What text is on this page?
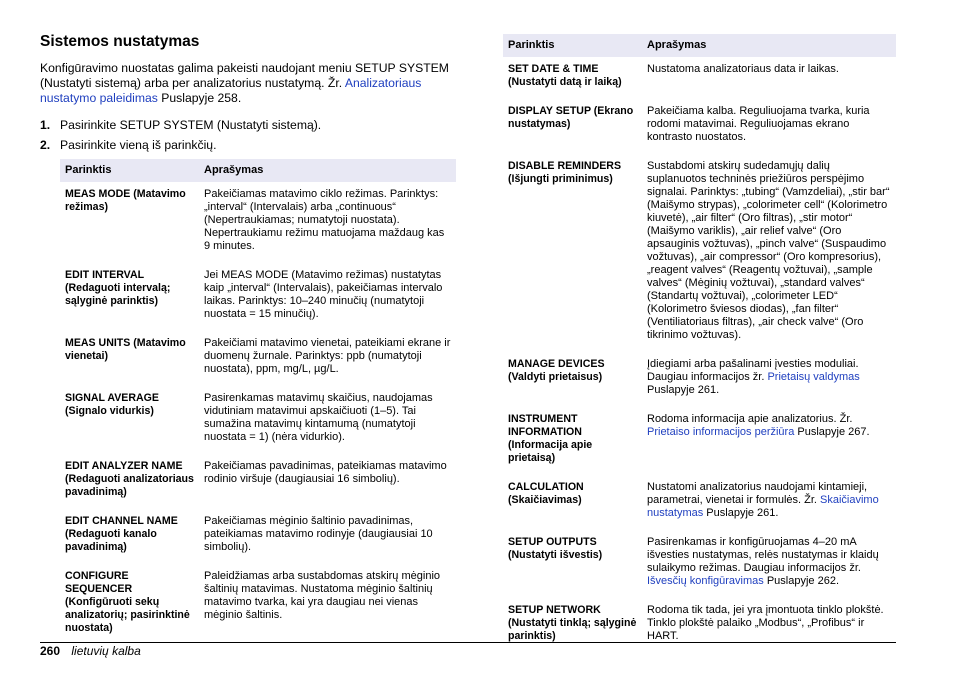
Sistemos nustatymas

Konfigūravimo nuostatas galima pakeisti naudojant meniu SETUP SYSTEM (Nustatyti sistemą) arba per analizatorius nustatymą. Žr. Analizatoriaus nustatymo paleidimas Puslapyje 258.

1. Pasirinkite SETUP SYSTEM (Nustatyti sistemą).
2. Pasirinkite vieną iš parinkčių.
Parinktis	Aprašymas
MEAS MODE (Matavimo režimas)	Pakeičiamas matavimo ciklo režimas. Parinktys: „interval“ (Intervalais) arba „continuous“ (Nepertraukiamas; numatytoji nuostata). Nepertraukiamu režimu matuojama maždaug kas 9 minutes.
EDIT INTERVAL (Redaguoti intervalą; sąlyginė parinktis)	Jei MEAS MODE (Matavimo režimas) nustatytas kaip „interval“ (Intervalais), pakeičiamas intervalo laikas. Parinktys: 10–240 minučių (numatytoji nuostata = 15 minučių).
MEAS UNITS (Matavimo vienetai)	Pakeičiami matavimo vienetai, pateikiami ekrane ir duomenų žurnale. Parinktys: ppb (numatytoji nuostata), ppm, mg/L, µg/L.
SIGNAL AVERAGE (Signalo vidurkis)	Pasirenkamas matavimų skaičius, naudojamas vidutiniam matavimui apskaičiuoti (1–5). Tai sumažina matavimų kintamumą (numatytoji nuostata = 1) (nėra vidurkio).
EDIT ANALYZER NAME (Redaguoti analizatoriaus pavadinimą)	Pakeičiamas pavadinimas, pateikiamas matavimo rodinio viršuje (daugiausiai 16 simbolių).
EDIT CHANNEL NAME (Redaguoti kanalo pavadinimą)	Pakeičiamas mėginio šaltinio pavadinimas, pateikiamas matavimo rodinyje (daugiausiai 10 simbolių).
CONFIGURE SEQUENCER (Konfigūruoti sekų analizatorių; pasirinktinė nuostata)	Paleidžiamas arba sustabdomas atskirų mėginio šaltinių matavimas. Nustatoma mėginio šaltinių matavimo tvarka, kai yra daugiau nei vienas mėginio šaltinis.
Parinktis	Aprašymas
SET DATE & TIME (Nustatyti datą ir laiką)	Nustatoma analizatoriaus data ir laikas.
DISPLAY SETUP (Ekrano nustatymas)	Pakeičiama kalba. Reguliuojama tvarka, kuria rodomi matavimai. Reguliuojamas ekrano kontrasto nuostatos.
DISABLE REMINDERS (Išjungti priminimus)	Sustabdomi atskirų sudedamųjų dalių suplanuotos techninės priežiūros perspėjimo signalai. Parinktys: „tubing“ (Vamzdeliai), „stir bar“ (Maišymo strypas), „colorimeter cell“ (Kolorimetro kiuvetė), „air filter“ (Oro filtras), „stir motor“ (Maišymo variklis), „air relief valve“ (Oro apsauginis vožtuvas), „pinch valve“ (Suspaudimo vožtuvas), „air compressor“ (Oro kompresorius), „reagent valves“ (Reagentų vožtuvai), „sample valves“ (Mėginių vožtuvai), „standard valves“ (Standartų vožtuvai), „colorimeter LED“ (Kolorimetro šviesos diodas), „fan filter“ (Ventiliatoriaus filtras), „air check valve“ (Oro tikrinimo vožtuvas).
MANAGE DEVICES (Valdyti prietaisus)	Įdiegiami arba pašalinami įvesties moduliai. Daugiau informacijos žr. Prietaisų valdymas Puslapyje 261.
INSTRUMENT INFORMATION (Informacija apie prietaisą)	Rodoma informacija apie analizatorius. Žr. Prietaiso informacijos peržiūra Puslapyje 267.
CALCULATION (Skaičiavimas)	Nustatomi analizatorius naudojami kintamieji, parametrai, vienetai ir formulės. Žr. Skaičiavimo nustatymas Puslapyje 261.
SETUP OUTPUTS (Nustatyti išvestis)	Pasirenkamas ir konfigūruojamas 4–20 mA išvesties nustatymas, relės nustatymas ir klaidų sulaikymo režimas. Daugiau informacijos žr. Išvesčių konfigūravimas Puslapyje 262.
SETUP NETWORK (Nustatyti tinklą; sąlyginė parinktis)	Rodoma tik tada, jei yra įmontuota tinklo plokštė. Tinklo plokštė palaiko „Modbus“, „Profibus“ ir HART.
260 lietuvių kalba
